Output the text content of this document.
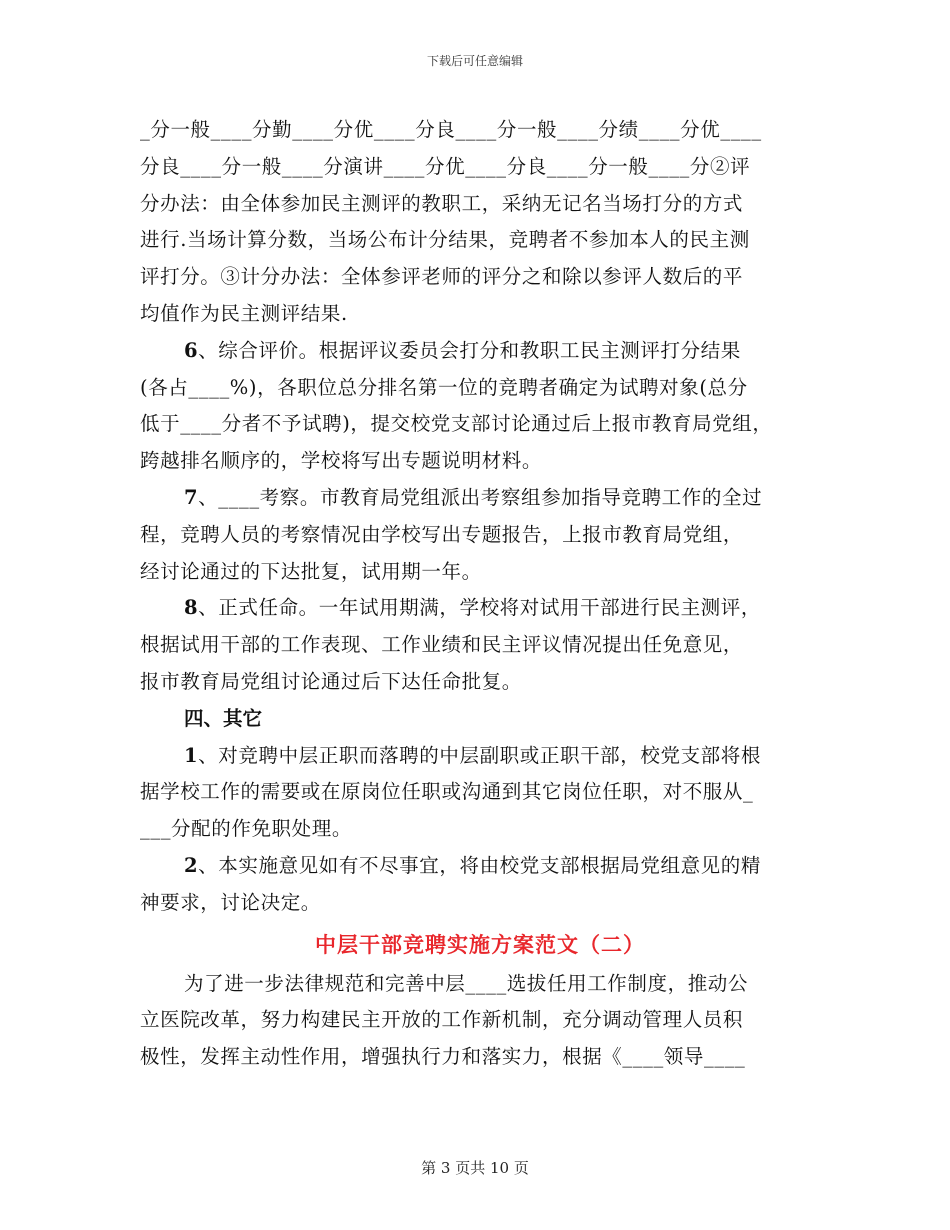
下载后可任意编辑
_分一般____分勤____分优____分良____分一般____分绩____分优____
分良____分一般____分演讲____分优____分良____分一般____分②评
分办法：由全体参加民主测评的教职工，采纳无记名当场打分的方式
进行.当场计算分数，当场公布计分结果，竞聘者不参加本人的民主测
评打分。③计分办法：全体参评老师的评分之和除以参评人数后的平
均值作为民主测评结果.
6、综合评价。根据评议委员会打分和教职工民主测评打分结果
(各占____%)，各职位总分排名第一位的竞聘者确定为试聘对象(总分
低于____分者不予试聘)，提交校党支部讨论通过后上报市教育局党组，
跨越排名顺序的，学校将写出专题说明材料。
7、____考察。市教育局党组派出考察组参加指导竞聘工作的全过
程，竞聘人员的考察情况由学校写出专题报告，上报市教育局党组，
经讨论通过的下达批复，试用期一年。
8、正式任命。一年试用期满，学校将对试用干部进行民主测评，
根据试用干部的工作表现、工作业绩和民主评议情况提出任免意见，
报市教育局党组讨论通过后下达任命批复。
四、其它
1、对竞聘中层正职而落聘的中层副职或正职干部，校党支部将根
据学校工作的需要或在原岗位任职或沟通到其它岗位任职，对不服从_
___分配的作免职处理。
2、本实施意见如有不尽事宜，将由校党支部根据局党组意见的精
神要求，讨论决定。
中层干部竞聘实施方案范文（二）
为了进一步法律规范和完善中层____选拔任用工作制度，推动公
立医院改革，努力构建民主开放的工作新机制，充分调动管理人员积
极性，发挥主动性作用，增强执行力和落实力，根据《____领导____
第 3 页共 10 页
